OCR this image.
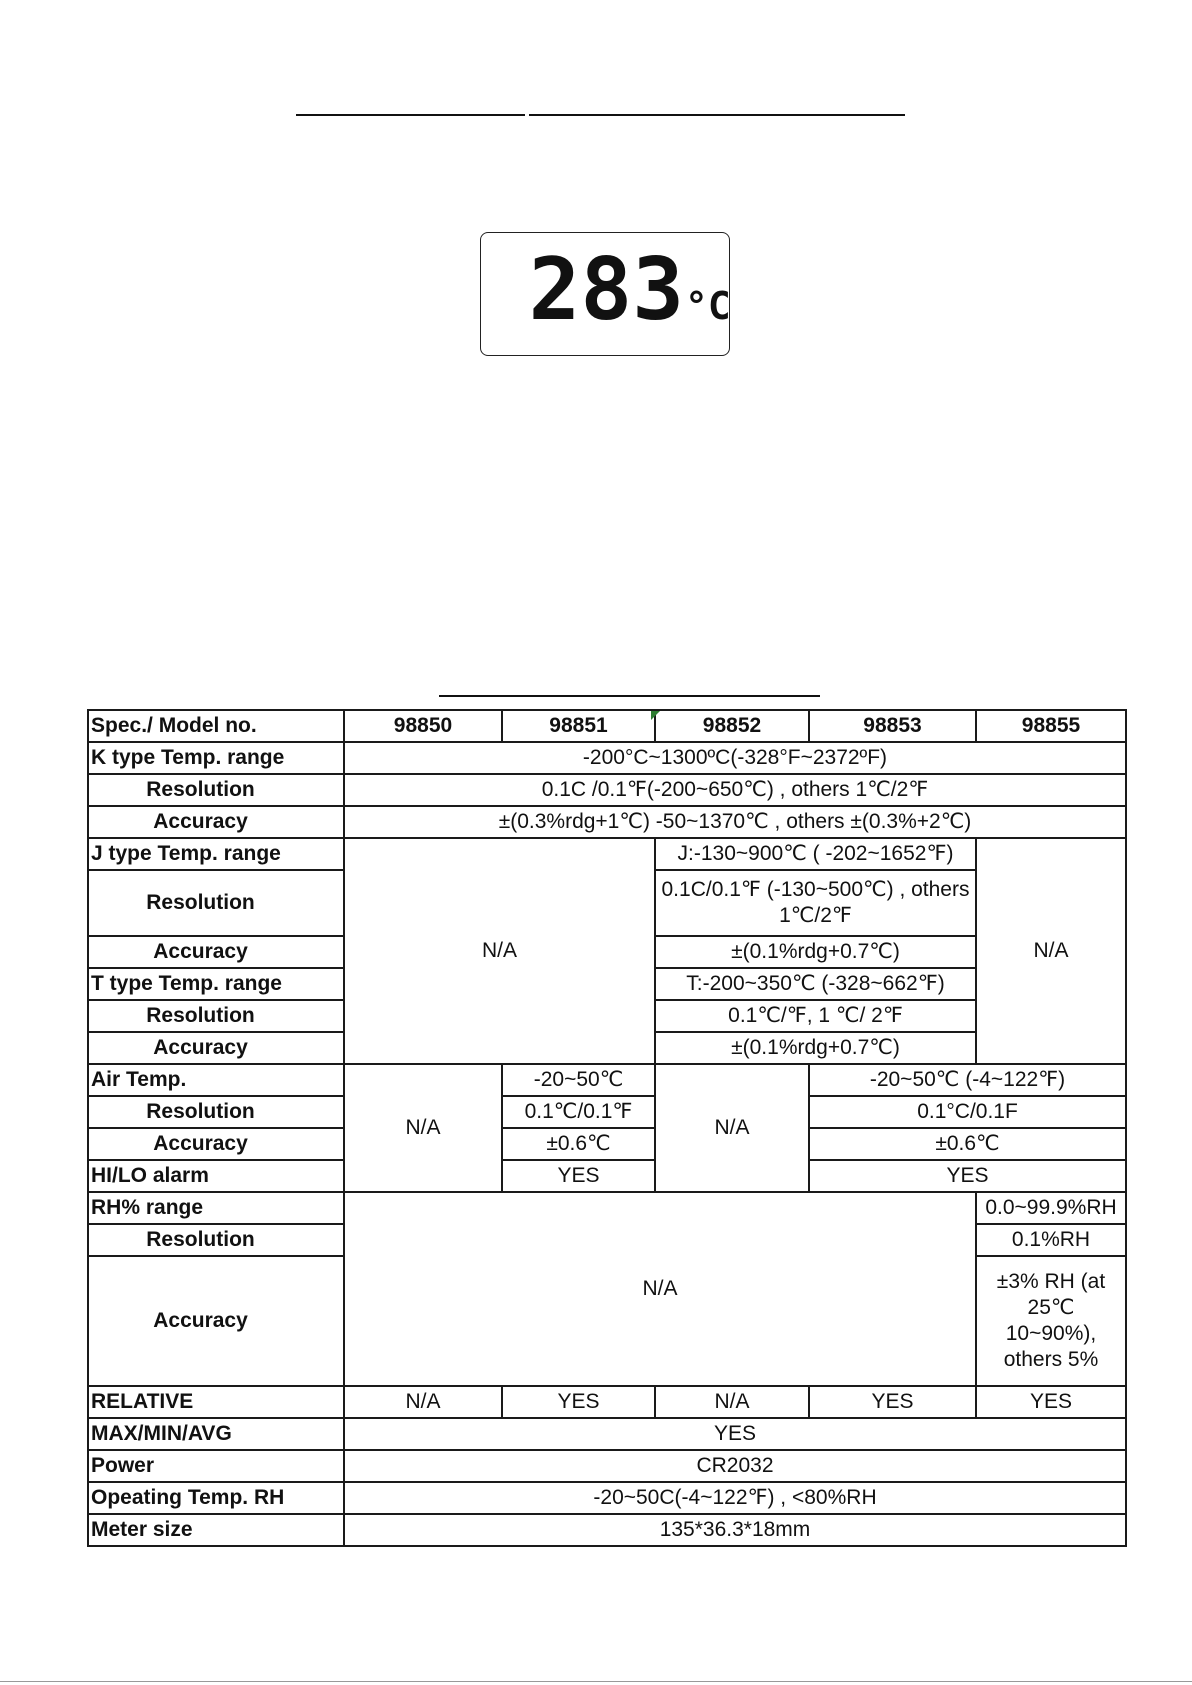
283 °C
Spec./ Model no.	98850	98851	98852	98853	98855
K type Temp. range	-200°C~1300ºC(-328°F~2372ºF)				
Resolution	0.1C /0.1℉(-200~650℃) , others 1℃/2℉				
Accuracy	±(0.3%rdg+1℃) -50~1370℃ , others ±(0.3%+2℃)				
J type Temp. range	N/A		J:-130~900℃ ( -202~1652℉)		N/A
Resolution			0.1C/0.1℉ (-130~500℃) , others 1℃/2℉		
Accuracy			±(0.1%rdg+0.7℃)		
T type Temp. range			T:-200~350℃ (-328~662℉)		
Resolution			0.1℃/℉, 1 ℃/ 2℉		
Accuracy			±(0.1%rdg+0.7℃)		
Air Temp.	N/A	-20~50℃	N/A	-20~50℃ (-4~122℉)	
Resolution		0.1℃/0.1℉		0.1°C/0.1F	
Accuracy		±0.6℃		±0.6℃	
HI/LO alarm		YES		YES	
RH% range	N/A				0.0~99.9%RH
Resolution					0.1%RH
Accuracy					±3% RH (at 25℃ 10~90%), others 5%
RELATIVE	N/A	YES	N/A	YES	YES
MAX/MIN/AVG	YES				
Power	CR2032				
Opeating Temp. RH	-20~50C(-4~122℉) , <80%RH				
Meter size	135*36.3*18mm				
